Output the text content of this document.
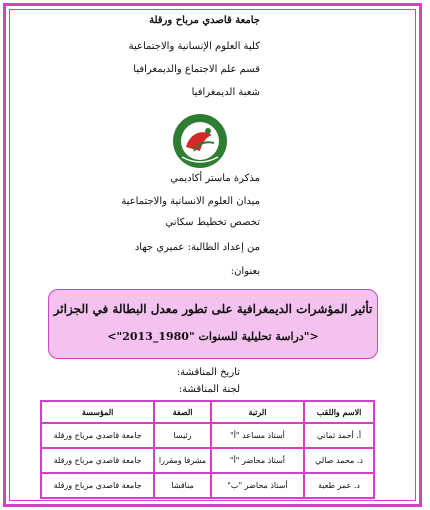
جامعة قاصدي مرباح ورقلة
كلية العلوم الإنسانية والاجتماعية
قسم علم الاجتماع والديمغرافيا
شعبة الديمغرافيا
مذكرة ماستر أكاديمي
ميدان العلوم الانسانية والاجتماعية
تخصص تخطيط سكاني
من إعداد الطالبة: عميري جهاد
بعنوان:
تأثير المؤشرات الديمغرافية على تطور معدل البطالة في الجزائر
<"دراسة تحليلية للسنوات "1980_2013">
تاريخ المناقشة:
لجنة المناقشة:
الاسم واللقب	الرتبة	الصفة	المؤسسة
أ. أحمد ثماني	أستاذ مساعد "أ"	رئيسا	جامعة قاصدي مرباح ورقلة
د. محمد صالي	أستاذ محاضر "أ"	مشرفا ومقررا	جامعة قاصدي مرباح ورقلة
د. عمر طعبة	أستاذ محاضر "ب"	مناقشا	جامعة قاصدي مرباح ورقلة
